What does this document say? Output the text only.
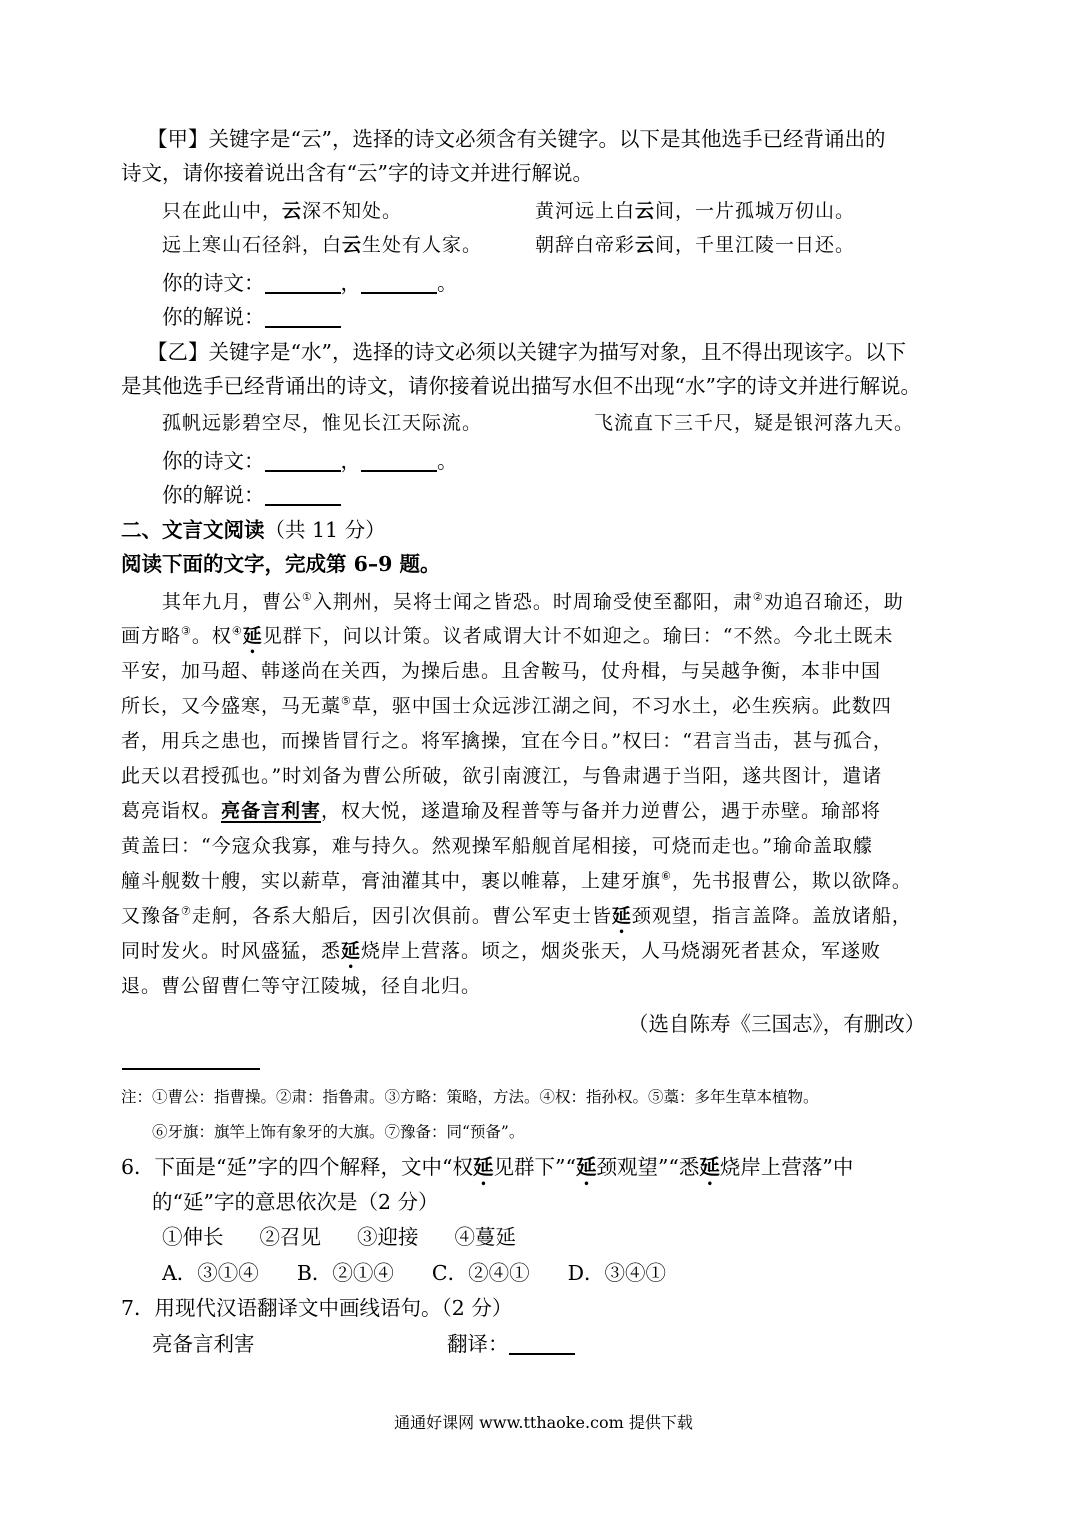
【甲】关键字是“云”，选择的诗文必须含有关键字。以下是其他选手已经背诵出的
诗文，请你接着说出含有“云”字的诗文并进行解说。
只在此山中，云深不知处。	黄河远上白云间，一片孤城万仞山。
远上寒山石径斜，白云生处有人家。	朝辞白帝彩云间，千里江陵一日还。
你的诗文：	，	。
你的解说：
【乙】关键字是“水”，选择的诗文必须以关键字为描写对象，且不得出现该字。以下
是其他选手已经背诵出的诗文，请你接着说出描写水但不出现“水”字的诗文并进行解说。
孤帆远影碧空尽，惟见长江天际流。	飞流直下三千尺，疑是银河落九天。
你的诗文：	，	。
你的解说：
二、文言文阅读（共 11 分）
阅读下面的文字，完成第 6–9 题。
其年九月，曹公①入荆州，吴将士闻之皆恐。时周瑜受使至鄱阳，肃②劝追召瑜还，助
画方略③。权④延见群下，问以计策。议者咸谓大计不如迎之。瑜曰：“不然。今北土既未
平安，加马超、韩遂尚在关西，为操后患。且舍鞍马，仗舟楫，与吴越争衡，本非中国
所长，又今盛寒，马无藁⑤草，驱中国士众远涉江湖之间，不习水土，必生疾病。此数四
者，用兵之患也，而操皆冒行之。将军擒操，宜在今日。”权曰：“君言当击，甚与孤合，
此天以君授孤也。”时刘备为曹公所破，欲引南渡江，与鲁肃遇于当阳，遂共图计，遣诸
葛亮诣权。亮备言利害，权大悦，遂遣瑜及程普等与备并力逆曹公，遇于赤壁。瑜部将
黄盖曰：“今寇众我寡，难与持久。然观操军船舰首尾相接，可烧而走也。”瑜命盖取艨
艟斗舰数十艘，实以薪草，膏油灌其中，裹以帷幕，上建牙旗⑥，先书报曹公，欺以欲降。
又豫备⑦走舸，各系大船后，因引次俱前。曹公军吏士皆延颈观望，指言盖降。盖放诸船，
同时发火。时风盛猛，悉延烧岸上营落。顷之，烟炎张天，人马烧溺死者甚众，军遂败
退。曹公留曹仁等守江陵城，径自北归。
（选自陈寿《三国志》，有删改）
注：①曹公：指曹操。②肃：指鲁肃。③方略：策略，方法。④权：指孙权。⑤藁：多年生草本植物。
⑥牙旗：旗竿上饰有象牙的大旗。⑦豫备：同“预备”。
6．下面是“延”字的四个解释，文中“权延见群下”“延颈观望”“悉延烧岸上营落”中
的“延”字的意思依次是（2 分）
①伸长 ②召见 ③迎接 ④蔓延
A．③①④ B．②①④ C．②④① D．③④①
7．用现代汉语翻译文中画线语句。（2 分）
亮备言利害	翻译：
通通好课网 www.tthaoke.com 提供下载
